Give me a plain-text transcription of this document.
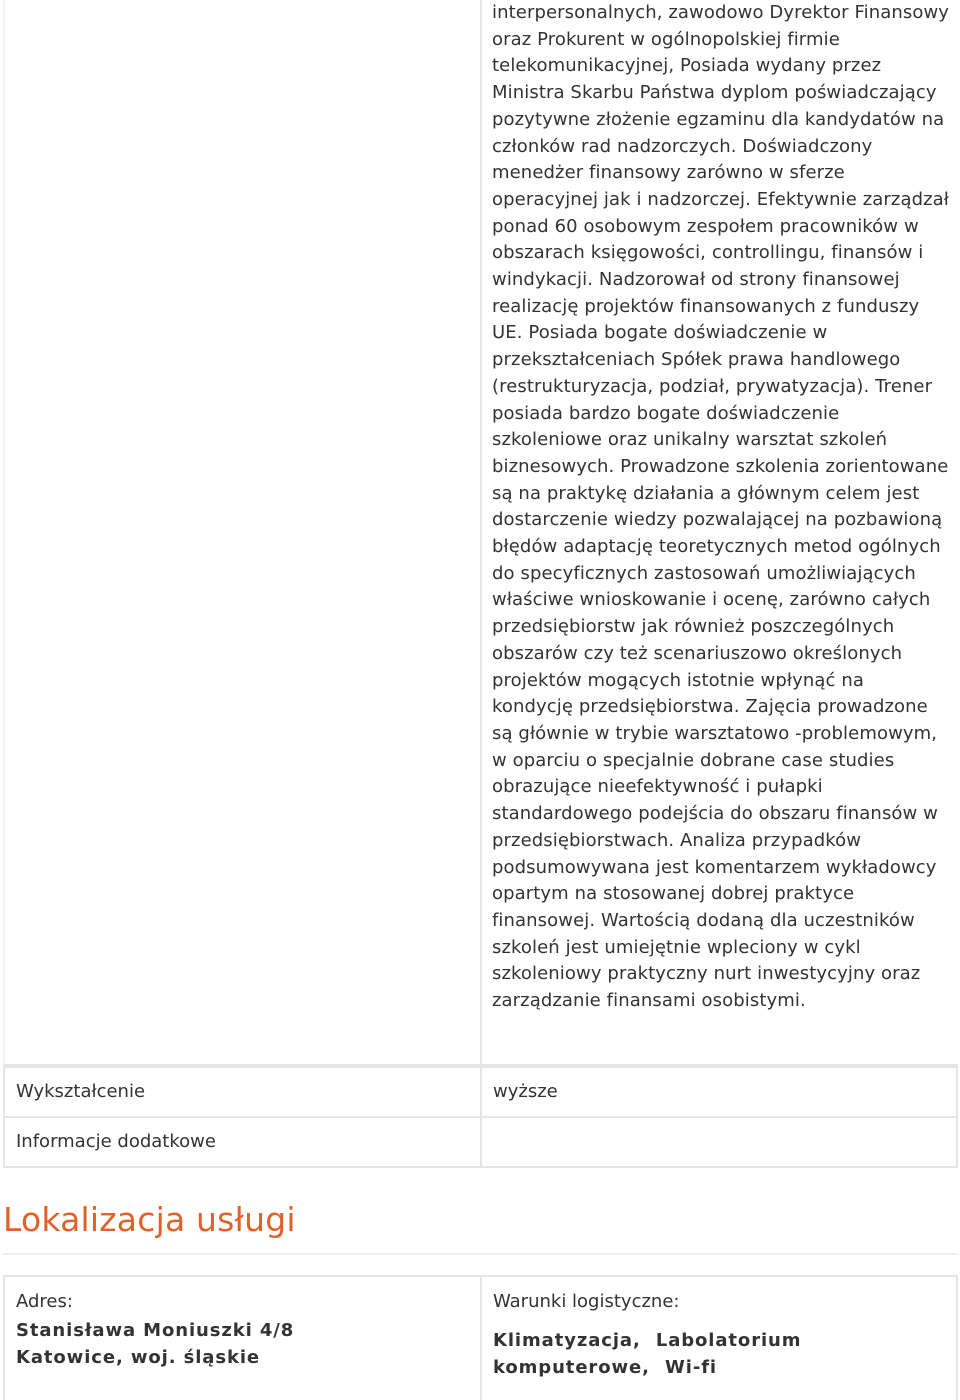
interpersonalnych, zawodowo Dyrektor Finansowy oraz Prokurent w ogólnopolskiej firmie telekomunikacyjnej, Posiada wydany przez Ministra Skarbu Państwa dyplom poświadczający pozytywne złożenie egzaminu dla kandydatów na członków rad nadzorczych. Doświadczony menedżer finansowy zarówno w sferze operacyjnej jak i nadzorczej. Efektywnie zarządzał ponad 60 osobowym zespołem pracowników w obszarach księgowości, controllingu, finansów i windykacji. Nadzorował od strony finansowej realizację projektów finansowanych z funduszy UE. Posiada bogate doświadczenie w przekształceniach Spółek prawa handlowego (restrukturyzacja, podział, prywatyzacja). Trener posiada bardzo bogate doświadczenie szkoleniowe oraz unikalny warsztat szkoleń biznesowych. Prowadzone szkolenia zorientowane są na praktykę działania a głównym celem jest dostarczenie wiedzy pozwalającej na pozbawioną błędów adaptację teoretycznych metod ogólnych do specyficznych zastosowań umożliwiających właściwe wnioskowanie i ocenę, zarówno całych przedsiębiorstw jak również poszczególnych obszarów czy też scenariuszowo określonych projektów mogących istotnie wpłynąć na kondycję przedsiębiorstwa. Zajęcia prowadzone są głównie w trybie warsztatowo -problemowym, w oparciu o specjalnie dobrane case studies obrazujące nieefektywność i pułapki standardowego podejścia do obszaru finansów w przedsiębiorstwach. Analiza przypadków podsumowywana jest komentarzem wykładowcy opartym na stosowanej dobrej praktyce finansowej. Wartością dodaną dla uczestników szkoleń jest umiejętnie wpleciony w cykl szkoleniowy praktyczny nurt inwestycyjny oraz zarządzanie finansami osobistymi.

Wykształcenie	wyższe
Informacje dodatkowe
Lokalizacja usługi
Adres:
Stanisława Moniuszki 4/8
Katowice, woj. śląskie
Warunki logistyczne:
Klimatyzacja, Labolatorium komputerowe, Wi-fi
